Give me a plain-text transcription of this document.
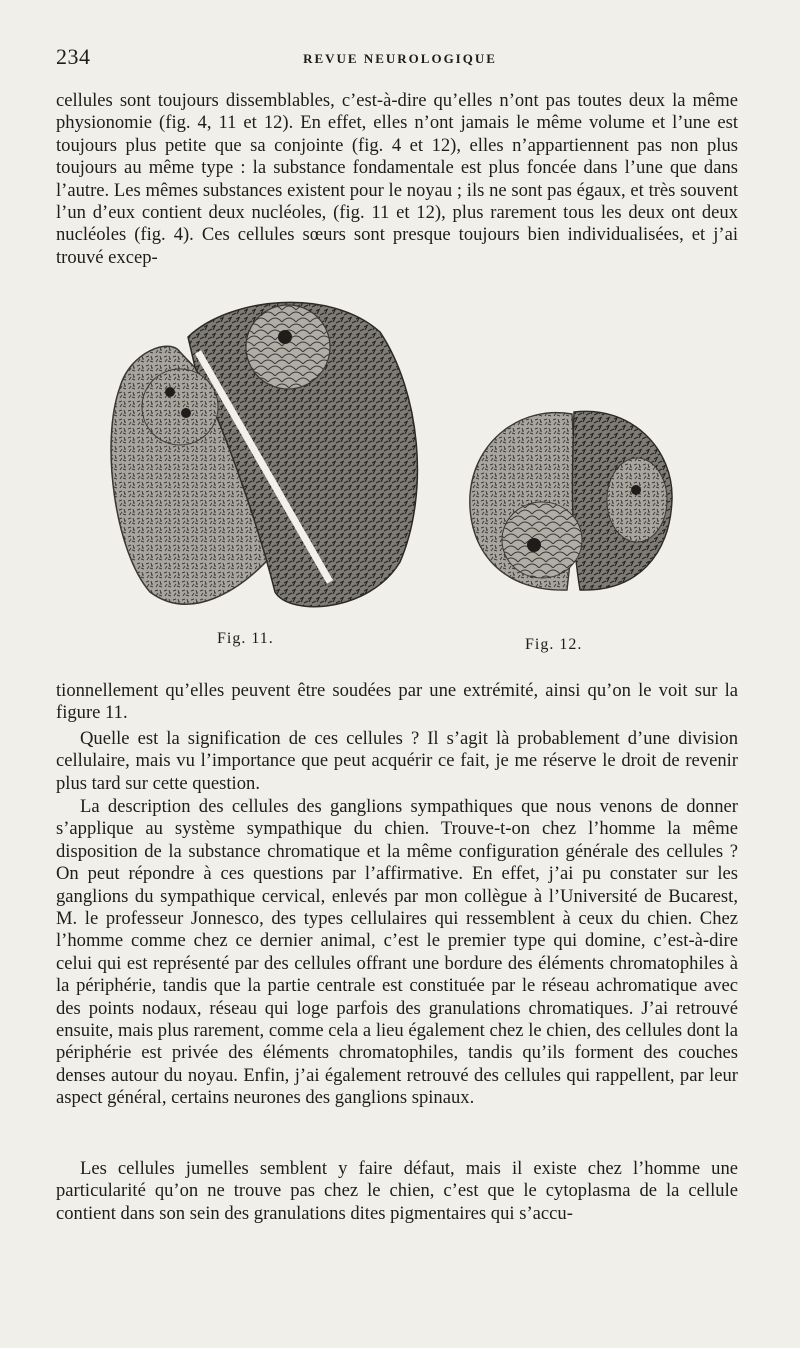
234	REVUE NEUROLOGIQUE

cellules sont toujours dissemblables, c’est-à-dire qu’elles n’ont pas toutes deux la même physionomie (fig. 4, 11 et 12). En effet, elles n’ont jamais le même volume et l’une est toujours plus petite que sa conjointe (fig. 4 et 12), elles n’appartiennent pas non plus toujours au même type : la substance fondamentale est plus foncée dans l’une que dans l’autre. Les mêmes substances existent pour le noyau ; ils ne sont pas égaux, et très souvent l’un d’eux contient deux nucléoles, (fig. 11 et 12), plus rarement tous les deux ont deux nucléoles (fig. 4). Ces cellules sœurs sont presque toujours bien individualisées, et j’ai trouvé excep-

Fig. 11.	Fig. 12.

tionnellement qu’elles peuvent être soudées par une extrémité, ainsi qu’on le voit sur la figure 11.

Quelle est la signification de ces cellules ? Il s’agit là probablement d’une division cellulaire, mais vu l’importance que peut acquérir ce fait, je me réserve le droit de revenir plus tard sur cette question.

La description des cellules des ganglions sympathiques que nous venons de donner s’applique au système sympathique du chien. Trouve-t-on chez l’homme la même disposition de la substance chromatique et la même configuration générale des cellules ? On peut répondre à ces questions par l’affirmative. En effet, j’ai pu constater sur les ganglions du sympathique cervical, enlevés par mon collègue à l’Université de Bucarest, M. le professeur Jonnesco, des types cellulaires qui ressemblent à ceux du chien. Chez l’homme comme chez ce dernier animal, c’est le premier type qui domine, c’est-à-dire celui qui est représenté par des cellules offrant une bordure des éléments chromatophiles à la périphérie, tandis que la partie centrale est constituée par le réseau achromatique avec des points nodaux, réseau qui loge parfois des granulations chromatiques. J’ai retrouvé ensuite, mais plus rarement, comme cela a lieu également chez le chien, des cellules dont la périphérie est privée des éléments chromatophiles, tandis qu’ils forment des couches denses autour du noyau. Enfin, j’ai également retrouvé des cellules qui rappellent, par leur aspect général, certains neurones des ganglions spinaux.

Les cellules jumelles semblent y faire défaut, mais il existe chez l’homme une particularité qu’on ne trouve pas chez le chien, c’est que le cytoplasma de la cellule contient dans son sein des granulations dites pigmentaires qui s’accu-
